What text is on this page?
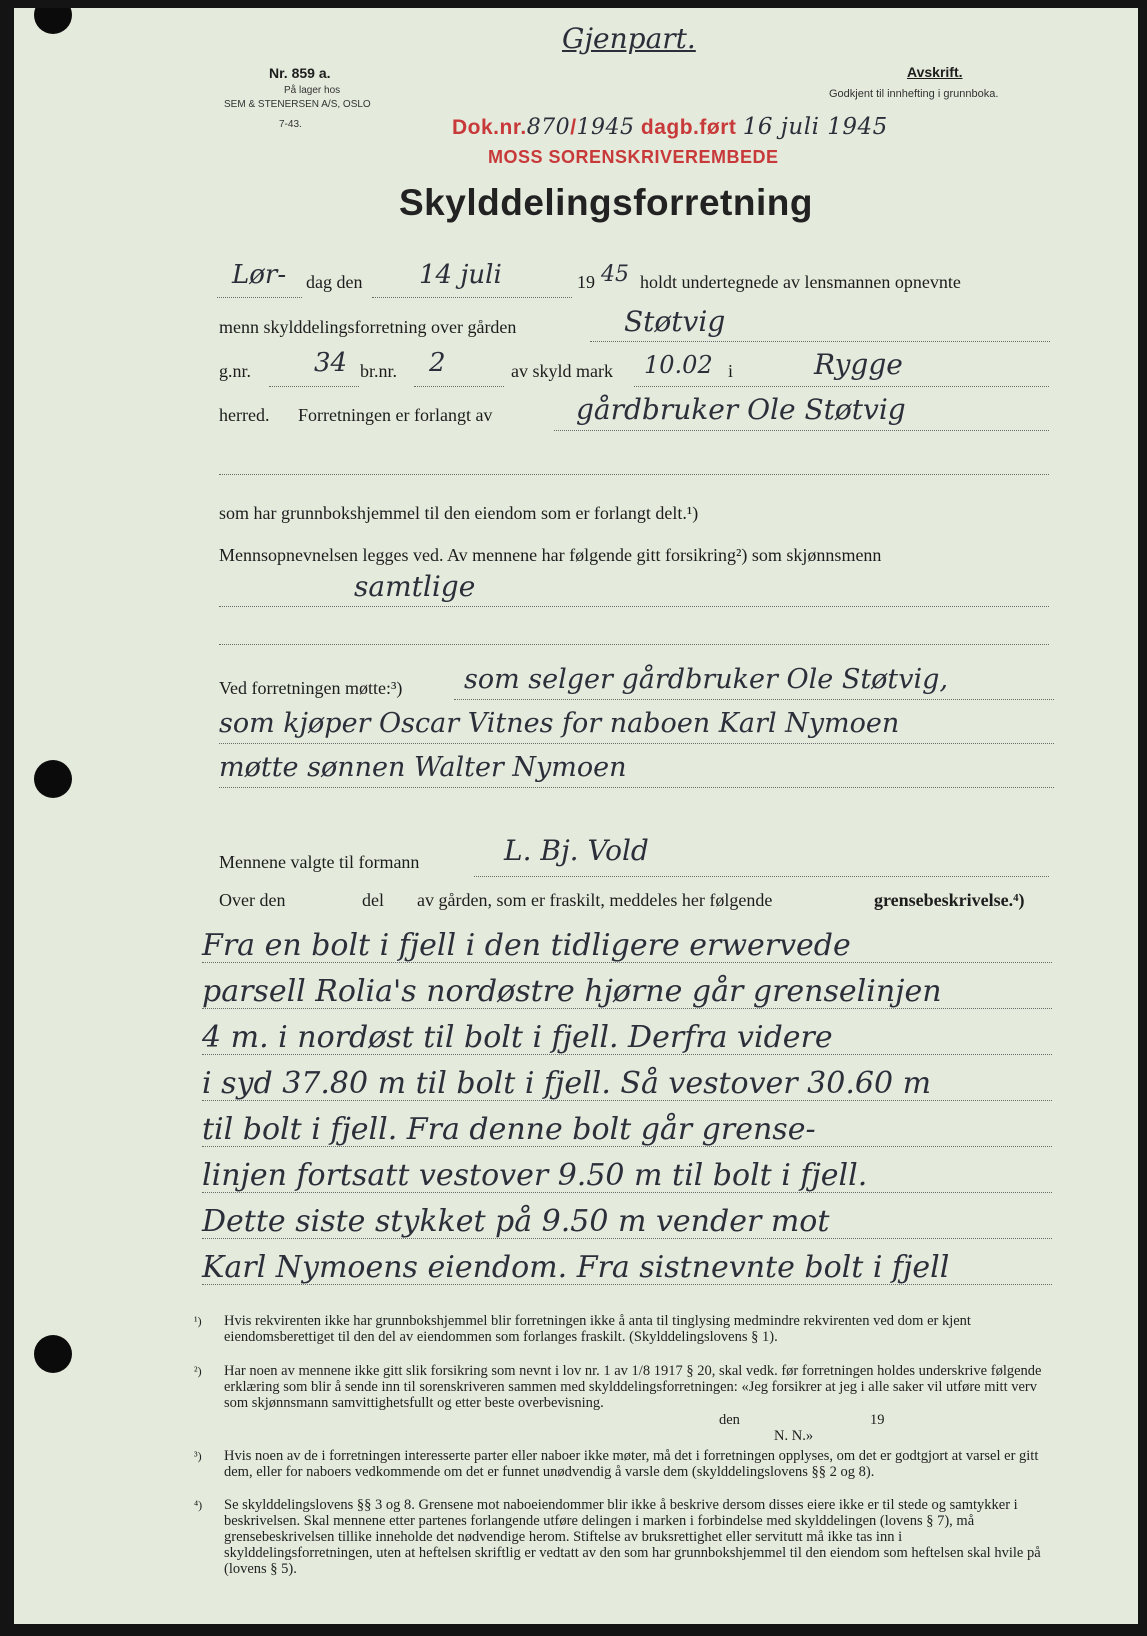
Gjenpart.
Nr. 859 a.
På lager hos
SEM & STENERSEN A/S, OSLO
7-43.
Avskrift.
Godkjent til innhefting i grunnboka.
Dok.nr.870/1945 dagb.ført 16 juli 1945
MOSS SORENSKRIVEREMBEDE
Skylddelingsforretning
Lør- dag den 14 juli	19 45 holdt undertegnede av lensmannen opnevnte
menn skylddelingsforretning over gården	Støtvig
g.nr. 34 br.nr. 2	av skyld mark 10.02 i	Rygge
herred. Forretningen er forlangt av	gårdbruker Ole Støtvig
som har grunnbokshjemmel til den eiendom som er forlangt delt.¹)
Mennsopnevnelsen legges ved. Av mennene har følgende gitt forsikring²) som skjønnsmenn
samtlige
Ved forretningen møtte:³) som selger gårdbruker Ole Støtvig,
som kjøper Oscar Vitnes for naboen Karl Nymoen
møtte sønnen Walter Nymoen
Mennene valgte til formann	L. Bj. Vold
Over den	del av gården, som er fraskilt, meddeles her følgende	grensebeskrivelse.⁴)
Fra en bolt i fjell i den tidligere erwervede
parsell Rolia's nordøstre hjørne går grenselinjen
4 m. i nordøst til bolt i fjell. Derfra videre
i syd 37.80 m til bolt i fjell. Så vestover 30.60 m
til bolt i fjell. Fra denne bolt går grense-
linjen fortsatt vestover 9.50 m til bolt i fjell.
Dette siste stykket på 9.50 m vender mot
Karl Nymoens eiendom. Fra sistnevnte bolt i fjell
¹) Hvis rekvirenten ikke har grunnbokshjemmel blir forretningen ikke å anta til tinglysing medmindre rekvirenten ved dom er kjent eiendomsberettiget til den del av eiendommen som forlanges fraskilt. (Skylddelingslovens § 1).
²) Har noen av mennene ikke gitt slik forsikring som nevnt i lov nr. 1 av 1/8 1917 § 20, skal vedk. før forretningen holdes underskrive følgende erklæring som blir å sende inn til sorenskriveren sammen med skylddelingsforretningen: «Jeg forsikrer at jeg i alle saker vil utføre mitt verv som skjønnsmann samvittighetsfullt og etter beste overbevisning.
den	19
N. N.»
³) Hvis noen av de i forretningen interesserte parter eller naboer ikke møter, må det i forretningen opplyses, om det er godtgjort at varsel er gitt dem, eller for naboers vedkommende om det er funnet unødvendig å varsle dem (skylddelingslovens §§ 2 og 8).
⁴) Se skylddelingslovens §§ 3 og 8. Grensene mot naboeiendommer blir ikke å beskrive dersom disses eiere ikke er til stede og samtykker i beskrivelsen. Skal mennene etter partenes forlangende utføre delingen i marken i forbindelse med skylddelingen (lovens § 7), må grensebeskrivelsen tillike inneholde det nødvendige herom. Stiftelse av bruksrettighet eller servitutt må ikke tas inn i skylddelingsforretningen, uten at heftelsen skriftlig er vedtatt av den som har grunnbokshjemmel til den eiendom som heftelsen skal hvile på (lovens § 5).
